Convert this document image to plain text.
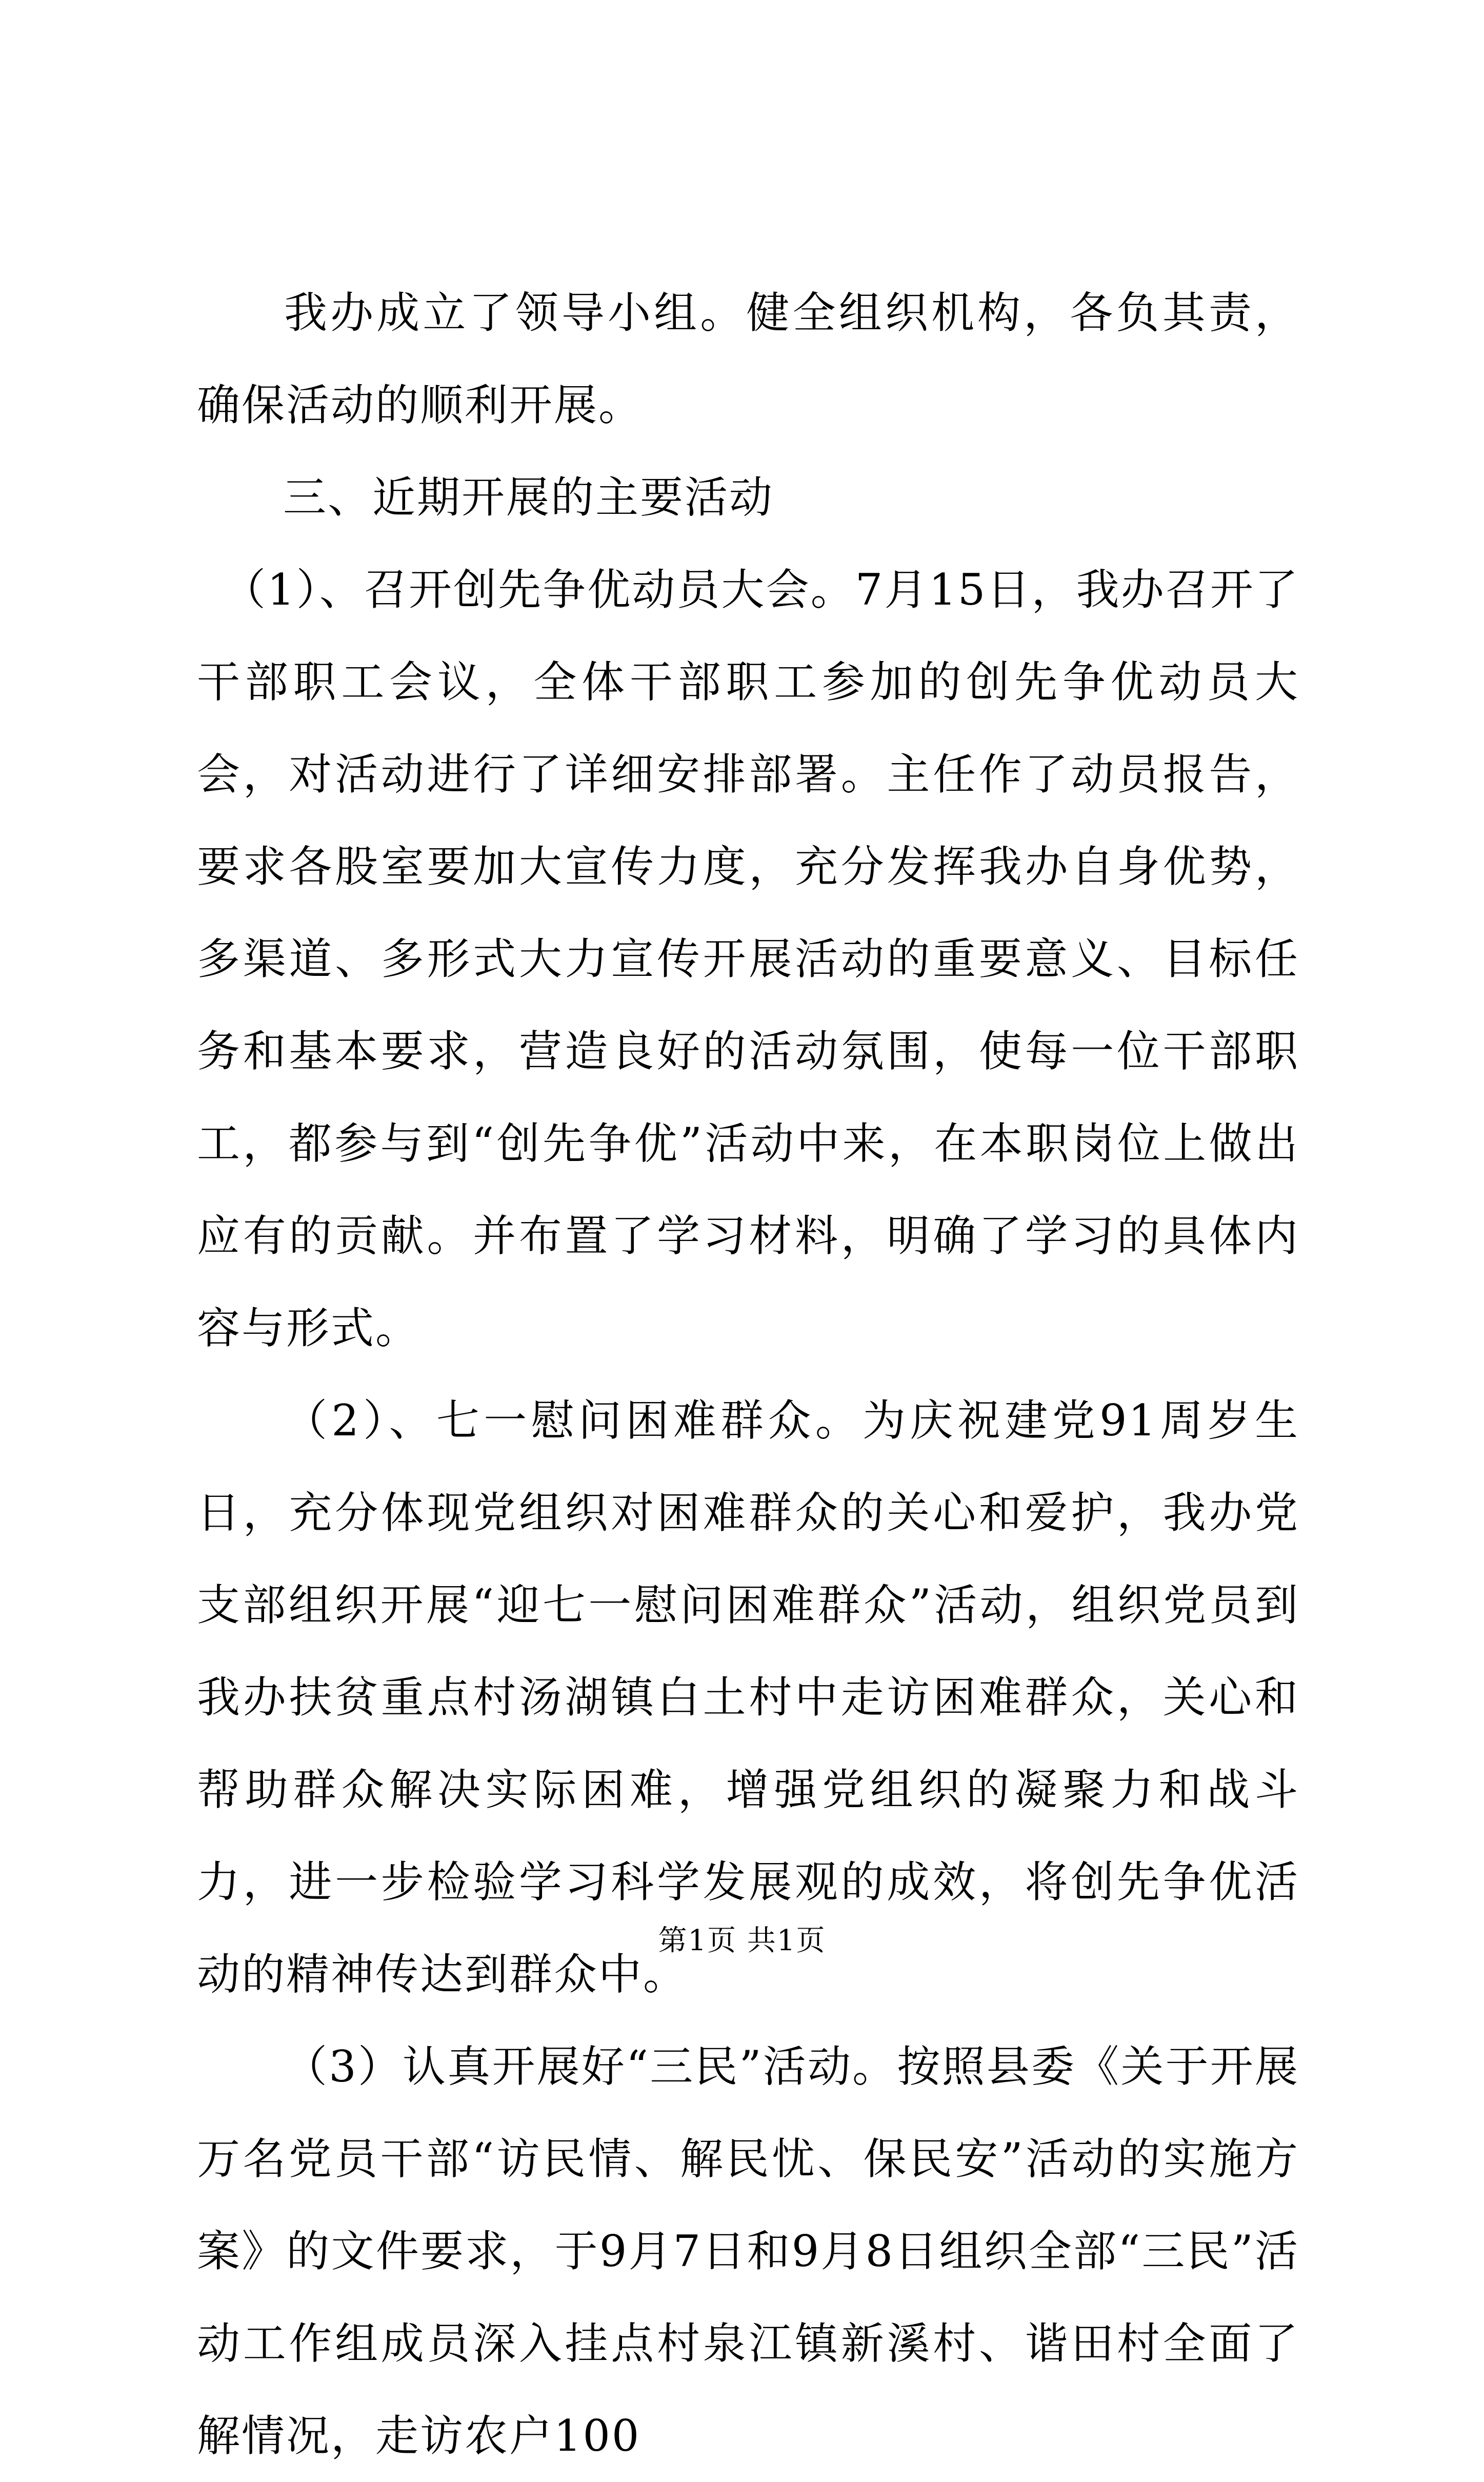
我办成立了领导小组。健全组织机构，各负其责，确保活动的顺利开展。

三、近期开展的主要活动

（1）、召开创先争优动员大会。7月15日，我办召开了干部职工会议，全体干部职工参加的创先争优动员大会，对活动进行了详细安排部署。主任作了动员报告，要求各股室要加大宣传力度，充分发挥我办自身优势，多渠道、多形式大力宣传开展活动的重要意义、目标任务和基本要求，营造良好的活动氛围，使每一位干部职工，都参与到“创先争优”活动中来，在本职岗位上做出应有的贡献。并布置了学习材料，明确了学习的具体内容与形式。

（2）、七一慰问困难群众。为庆祝建党91周岁生日，充分体现党组织对困难群众的关心和爱护，我办党支部组织开展“迎七一慰问困难群众”活动，组织党员到我办扶贫重点村汤湖镇白土村中走访困难群众，关心和帮助群众解决实际困难，增强党组织的凝聚力和战斗力，进一步检验学习科学发展观的成效，将创先争优活动的精神传达到群众中。

（3）认真开展好“三民”活动。按照县委《关于开展万名党员干部“访民情、解民忧、保民安”活动的实施方案》的文件要求，于9月7日和9月8日组织全部“三民”活动工作组成员深入挂点村泉江镇新溪村、谐田村全面了解情况，走访农户100

第1页 共1页
